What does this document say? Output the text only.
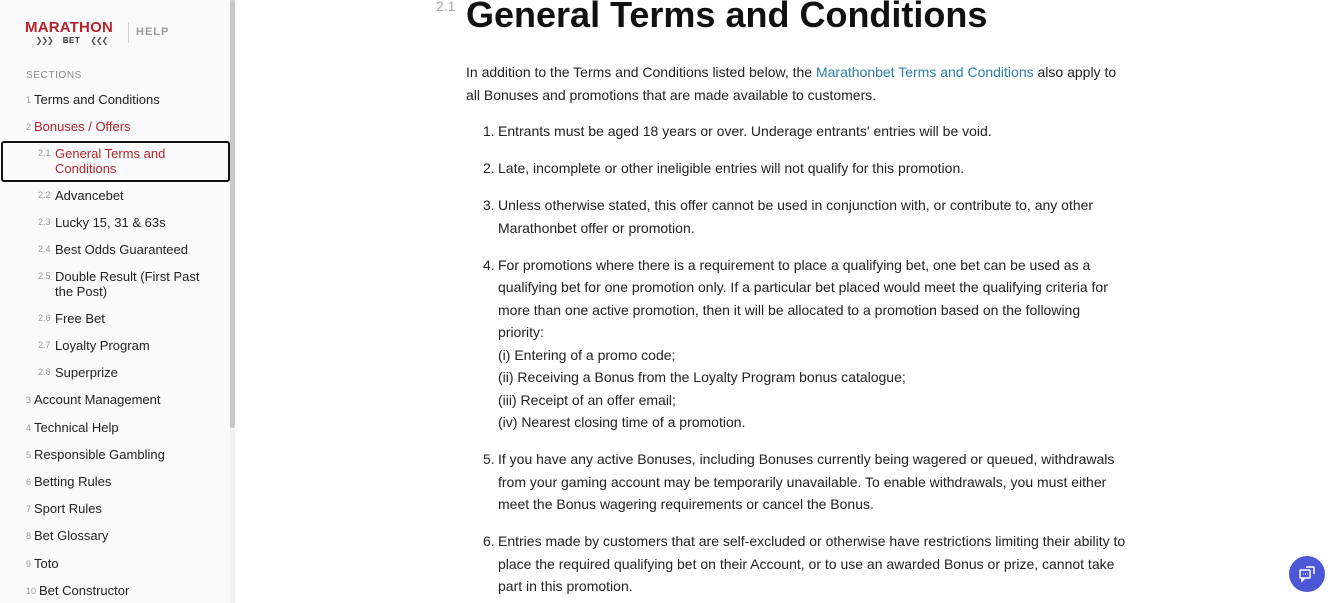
MARATHON
❯❯❯ BET ❮❮❮
HELP
SECTIONS
1 Terms and Conditions
2 Bonuses / Offers
2.1 General Terms and Conditions
2.2 Advancebet
2.3 Lucky 15, 31 & 63s
2.4 Best Odds Guaranteed
2.5 Double Result (First Past the Post)
2.6 Free Bet
2.7 Loyalty Program
2.8 Superprize
3 Account Management
4 Technical Help
5 Responsible Gambling
6 Betting Rules
7 Sport Rules
8 Bet Glossary
9 Toto
10 Bet Constructor
2.1 General Terms and Conditions

In addition to the Terms and Conditions listed below, the Marathonbet Terms and Conditions also apply to all Bonuses and promotions that are made available to customers.

1. Entrants must be aged 18 years or over. Underage entrants' entries will be void.
2. Late, incomplete or other ineligible entries will not qualify for this promotion.
3. Unless otherwise stated, this offer cannot be used in conjunction with, or contribute to, any other Marathonbet offer or promotion.
4. For promotions where there is a requirement to place a qualifying bet, one bet can be used as a qualifying bet for one promotion only. If a particular bet placed would meet the qualifying criteria for more than one active promotion, then it will be allocated to a promotion based on the following priority:
(i) Entering of a promo code;
(ii) Receiving a Bonus from the Loyalty Program bonus catalogue;
(iii) Receipt of an offer email;
(iv) Nearest closing time of a promotion.
5. If you have any active Bonuses, including Bonuses currently being wagered or queued, withdrawals from your gaming account may be temporarily unavailable. To enable withdrawals, you must either meet the Bonus wagering requirements or cancel the Bonus.
6. Entries made by customers that are self-excluded or otherwise have restrictions limiting their ability to place the required qualifying bet on their Account, or to use an awarded Bonus or prize, cannot take part in this promotion.
